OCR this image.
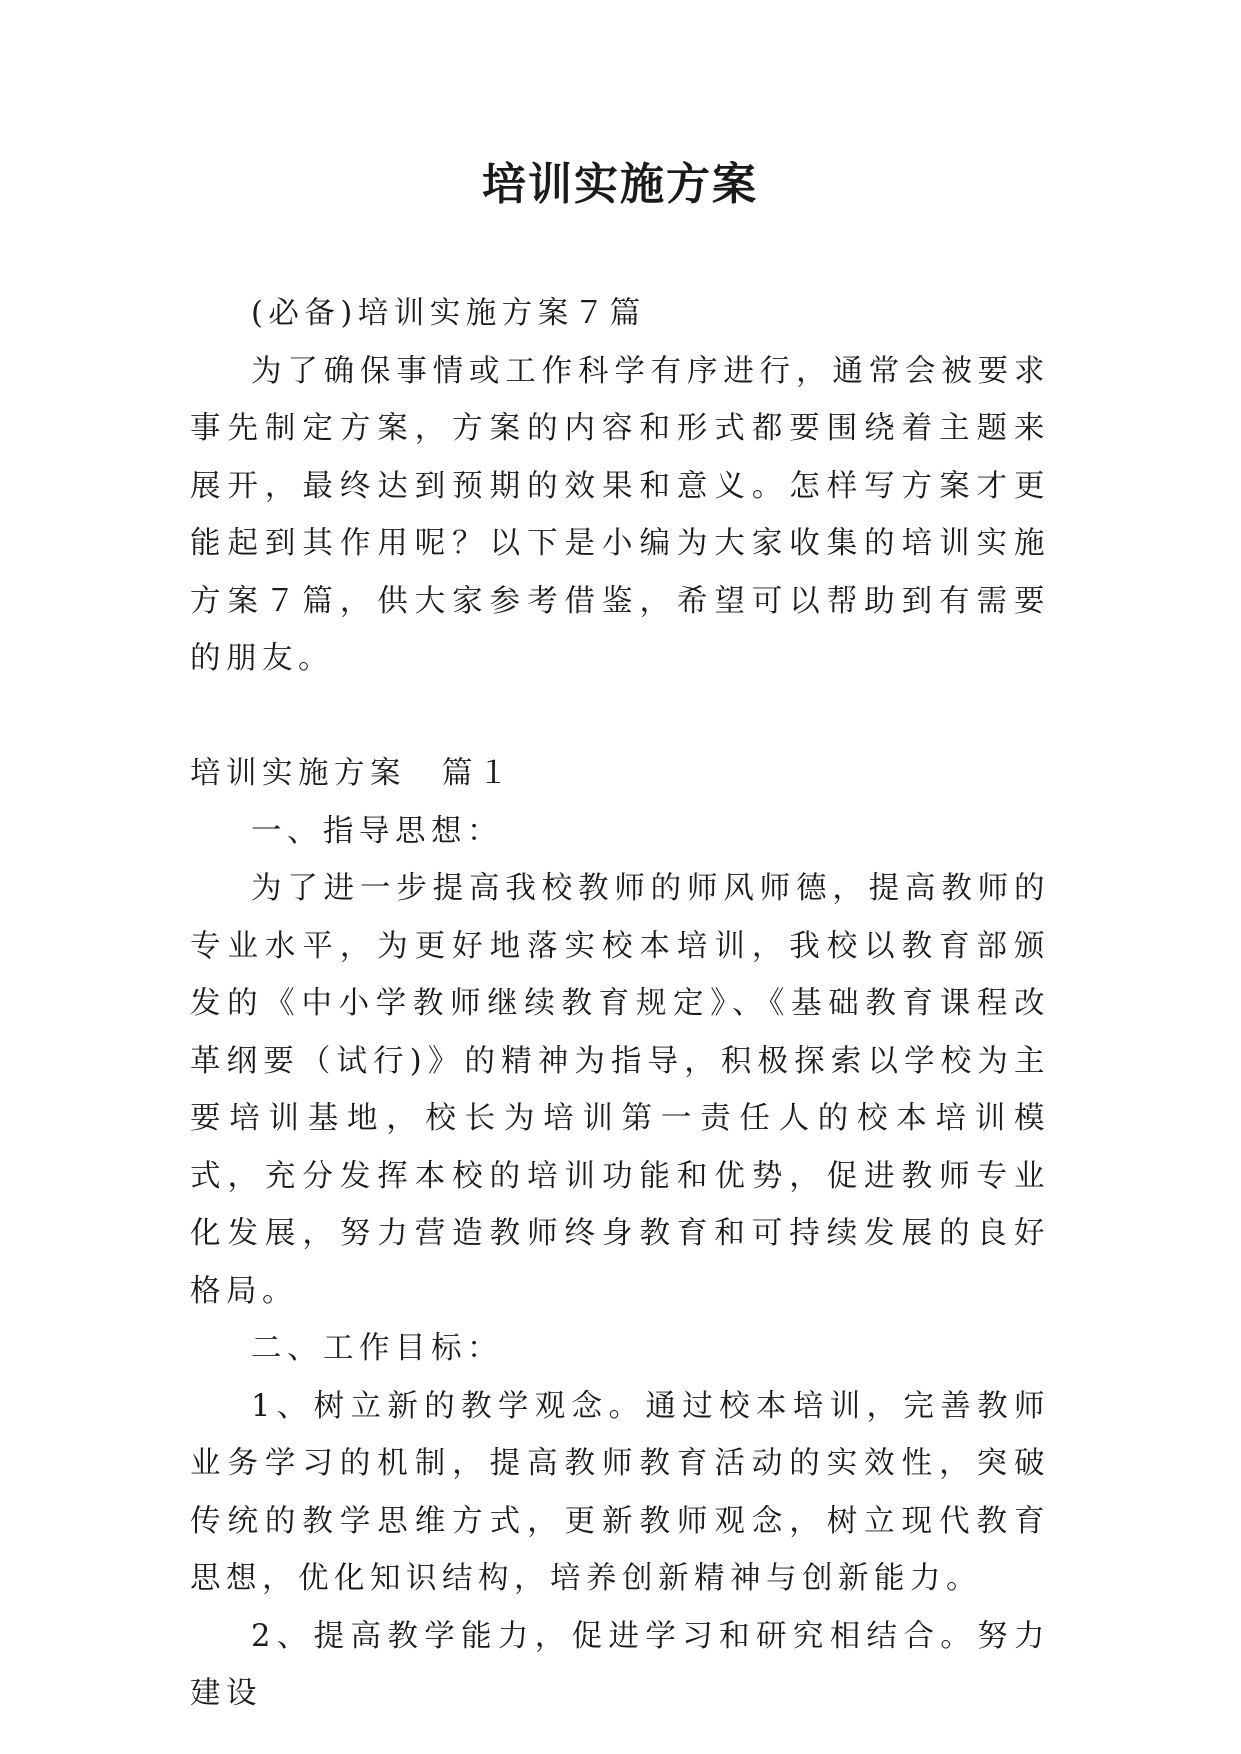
培训实施方案

(必备)培训实施方案７篇

为了确保事情或工作科学有序进行，通常会被要求事先制定方案，方案的内容和形式都要围绕着主题来展开，最终达到预期的效果和意义。怎样写方案才更能起到其作用呢？以下是小编为大家收集的培训实施方案７篇，供大家参考借鉴，希望可以帮助到有需要的朋友。

培训实施方案　篇１

一、指导思想：

为了进一步提高我校教师的师风师德，提高教师的专业水平，为更好地落实校本培训，我校以教育部颁发的《中小学教师继续教育规定》、《基础教育课程改革纲要（试行)》的精神为指导，积极探索以学校为主要培训基地，校长为培训第一责任人的校本培训模式，充分发挥本校的培训功能和优势，促进教师专业化发展，努力营造教师终身教育和可持续发展的良好格局。

二、工作目标：

1、树立新的教学观念。通过校本培训，完善教师业务学习的机制，提高教师教育活动的实效性，突破传统的教学思维方式，更新教师观念，树立现代教育思想，优化知识结构，培养创新精神与创新能力。

2、提高教学能力，促进学习和研究相结合。努力建设
